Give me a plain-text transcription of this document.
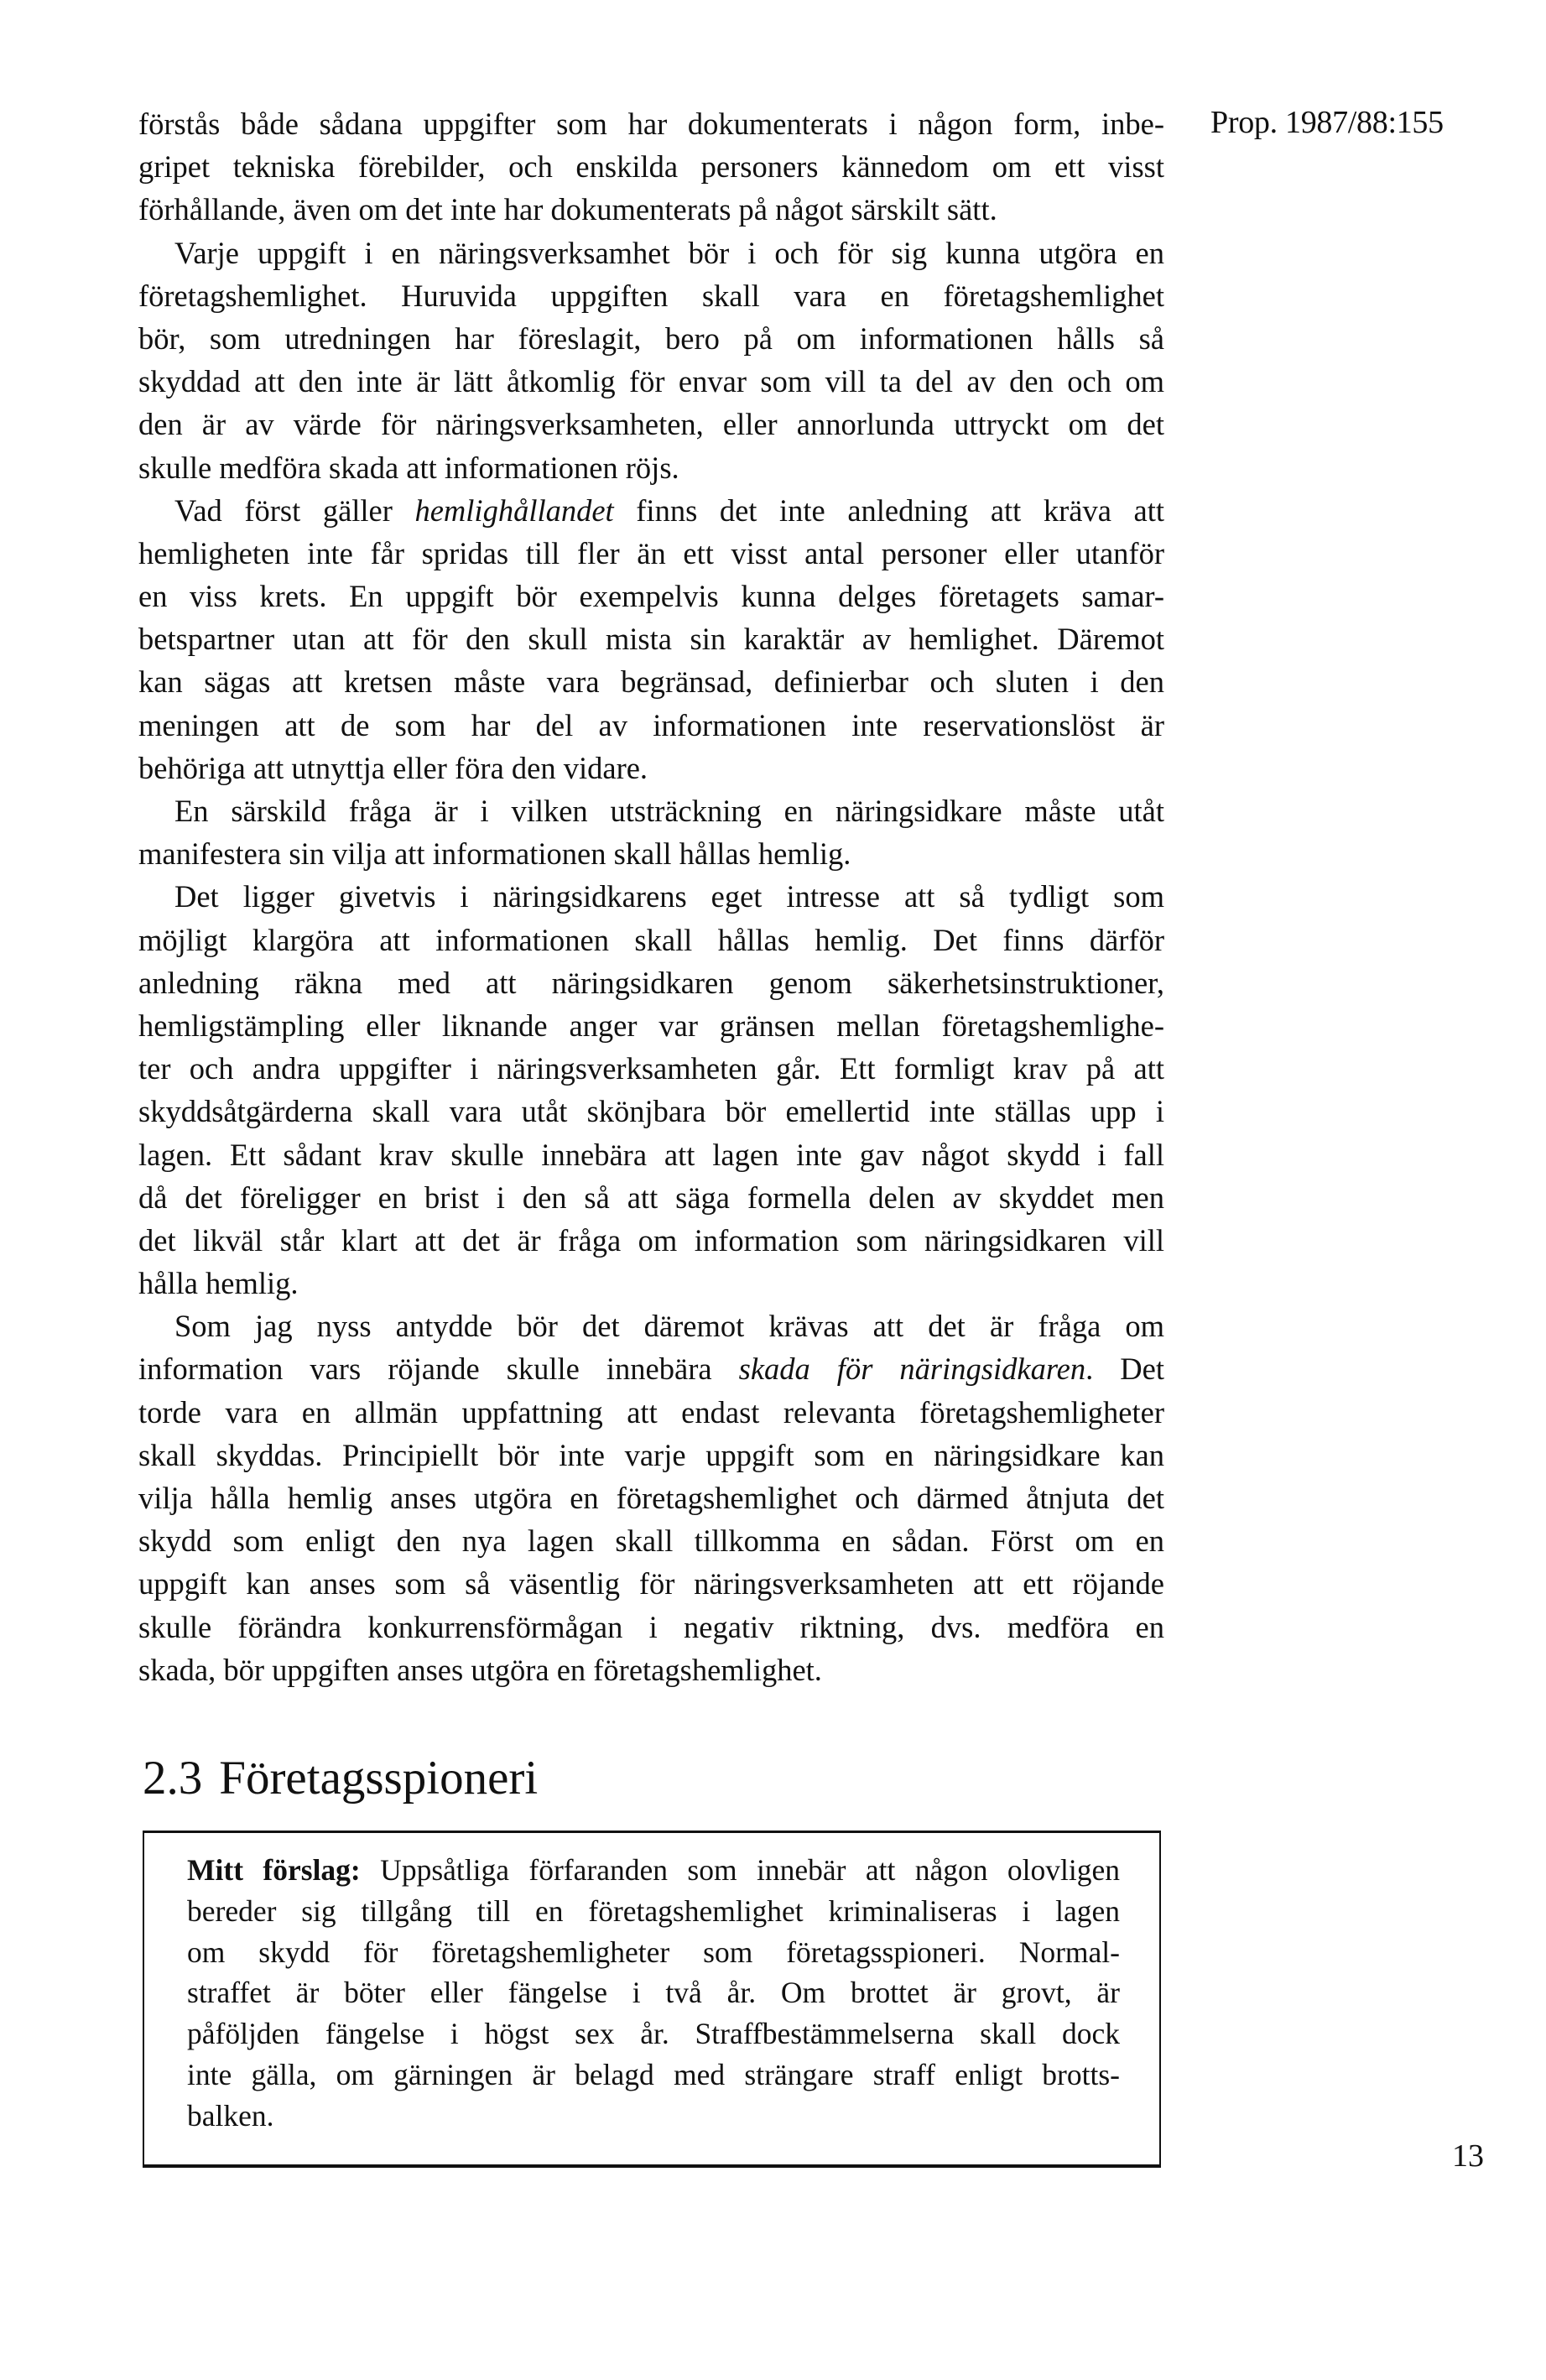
Prop. 1987/88:155
förstås både sådana uppgifter som har dokumenterats i någon form, inbe-
gripet tekniska förebilder, och enskilda personers kännedom om ett visst
förhållande, även om det inte har dokumenterats på något särskilt sätt.
Varje uppgift i en näringsverksamhet bör i och för sig kunna utgöra en
företagshemlighet. Huruvida uppgiften skall vara en företagshemlighet
bör, som utredningen har föreslagit, bero på om informationen hålls så
skyddad att den inte är lätt åtkomlig för envar som vill ta del av den och om
den är av värde för näringsverksamheten, eller annorlunda uttryckt om det
skulle medföra skada att informationen röjs.
Vad först gäller hemlighållandet finns det inte anledning att kräva att
hemligheten inte får spridas till fler än ett visst antal personer eller utanför
en viss krets. En uppgift bör exempelvis kunna delges företagets samar-
betspartner utan att för den skull mista sin karaktär av hemlighet. Däremot
kan sägas att kretsen måste vara begränsad, definierbar och sluten i den
meningen att de som har del av informationen inte reservationslöst är
behöriga att utnyttja eller föra den vidare.
En särskild fråga är i vilken utsträckning en näringsidkare måste utåt
manifestera sin vilja att informationen skall hållas hemlig.
Det ligger givetvis i näringsidkarens eget intresse att så tydligt som
möjligt klargöra att informationen skall hållas hemlig. Det finns därför
anledning räkna med att näringsidkaren genom säkerhetsinstruktioner,
hemligstämpling eller liknande anger var gränsen mellan företagshemlighe-
ter och andra uppgifter i näringsverksamheten går. Ett formligt krav på att
skyddsåtgärderna skall vara utåt skönjbara bör emellertid inte ställas upp i
lagen. Ett sådant krav skulle innebära att lagen inte gav något skydd i fall
då det föreligger en brist i den så att säga formella delen av skyddet men
det likväl står klart att det är fråga om information som näringsidkaren vill
hålla hemlig.
Som jag nyss antydde bör det däremot krävas att det är fråga om
information vars röjande skulle innebära skada för näringsidkaren. Det
torde vara en allmän uppfattning att endast relevanta företagshemligheter
skall skyddas. Principiellt bör inte varje uppgift som en näringsidkare kan
vilja hålla hemlig anses utgöra en företagshemlighet och därmed åtnjuta det
skydd som enligt den nya lagen skall tillkomma en sådan. Först om en
uppgift kan anses som så väsentlig för näringsverksamheten att ett röjande
skulle förändra konkurrensförmågan i negativ riktning, dvs. medföra en
skada, bör uppgiften anses utgöra en företagshemlighet.
2.3 Företagsspioneri
Mitt förslag: Uppsåtliga förfaranden som innebär att någon olovligen
bereder sig tillgång till en företagshemlighet kriminaliseras i lagen
om skydd för företagshemligheter som företagsspioneri. Normal-
straffet är böter eller fängelse i två år. Om brottet är grovt, är
påföljden fängelse i högst sex år. Straffbestämmelserna skall dock
inte gälla, om gärningen är belagd med strängare straff enligt brotts-
balken.
13
